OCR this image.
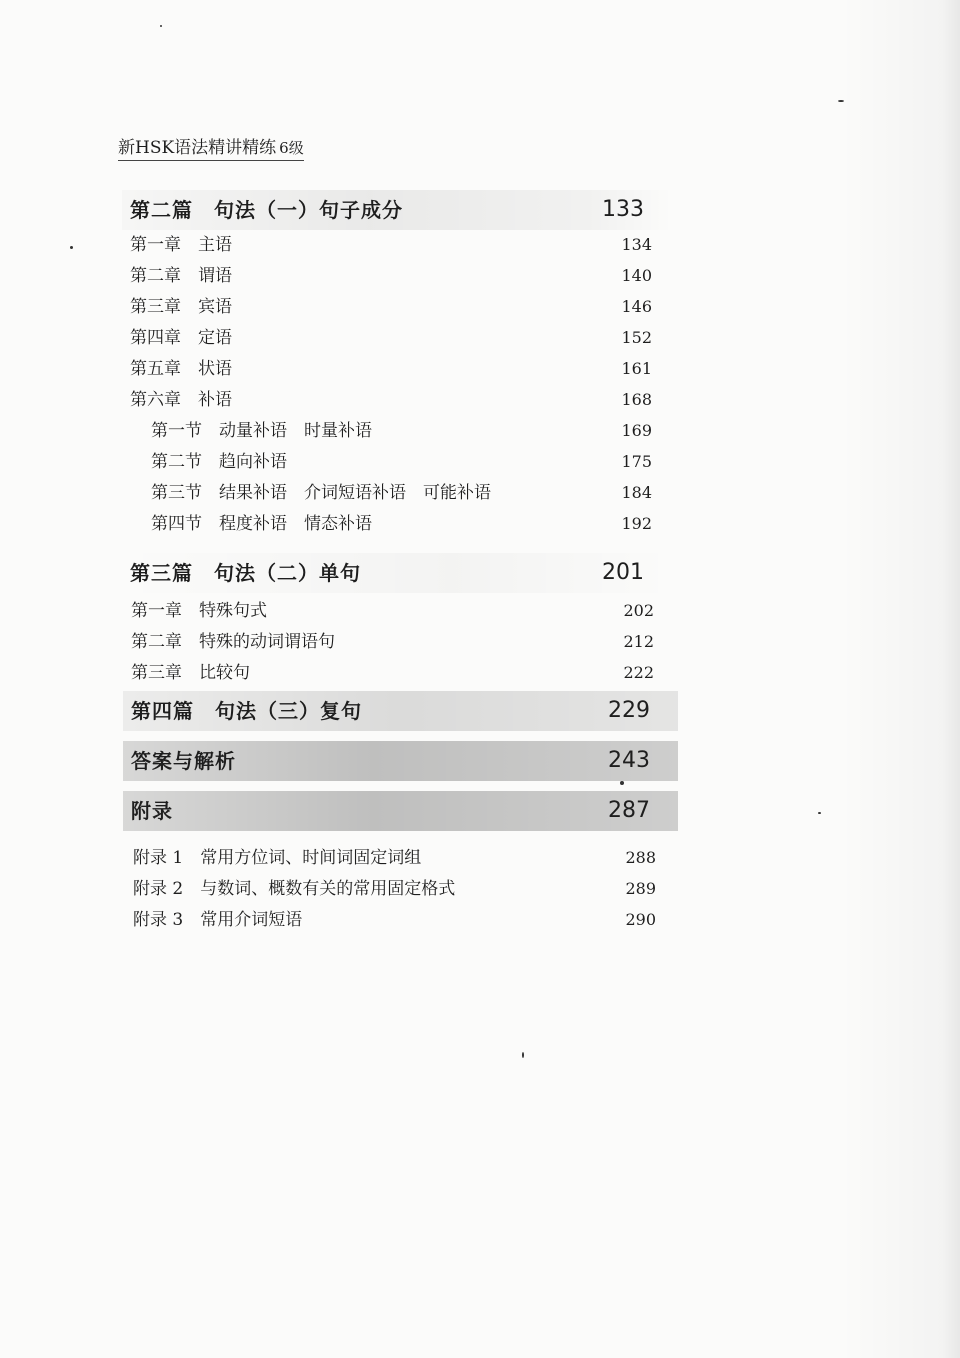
新HSK语法精讲精练 6级
第二篇　句法（一）句子成分	133
第一章　主语	134
第二章　谓语	140
第三章　宾语	146
第四章　定语	152
第五章　状语	161
第六章　补语	168
第一节　动量补语　时量补语	169
第二节　趋向补语	175
第三节　结果补语　介词短语补语　可能补语	184
第四节　程度补语　情态补语	192
第三篇　句法（二）单句	201
第一章　特殊句式	202
第二章　特殊的动词谓语句	212
第三章　比较句	222
第四篇　句法（三）复句	229
答案与解析	243
附录	287
附录 1　常用方位词、时间词固定词组	288
附录 2　与数词、概数有关的常用固定格式	289
附录 3　常用介词短语	290
